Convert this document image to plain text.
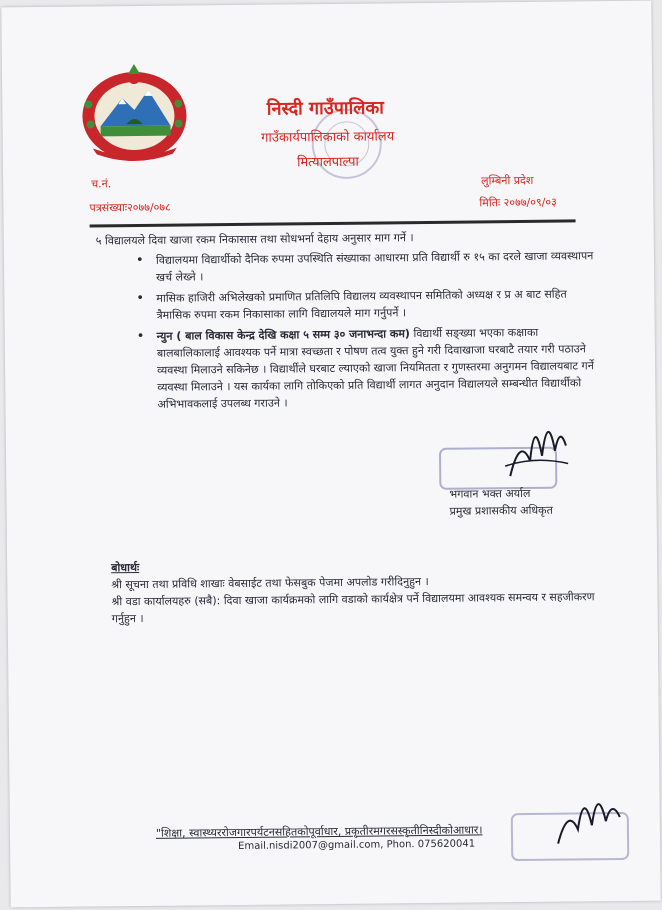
निस्दी गाउँपालिका
गाउँकार्यपालिकाको कार्यालय
मित्यालपाल्पा
च.नं.
पत्रसंख्याः२०७७/०७८
लुम्बिनी प्रदेश
मितिः २०७७/०९/०३

५ विद्यालयले दिवा खाजा रकम निकासास तथा सोधभर्ना देहाय अनुसार माग गर्ने ।

• विद्यालयमा विद्यार्थीको दैनिक रुपमा उपस्थिति संख्याका आधारमा प्रति विद्यार्थी रु १५ का दरले खाजा व्यवस्थापन खर्च लेख्ने ।
• मासिक हाजिरी अभिलेखको प्रमाणित प्रतिलिपि विद्यालय व्यवस्थापन समितिको अध्यक्ष र प्र अ बाट सहित त्रैमासिक रुपमा रकम निकासाका लागि विद्यालयले माग गर्नुपर्ने ।
• न्युन ( बाल विकास केन्द्र देखि कक्षा ५ सम्म ३० जनाभन्दा कम) विद्यार्थी सङ्ख्या भएका कक्षाका बालबालिकालाई आवश्यक पर्ने मात्रा स्वच्छता र पोषण तत्व युक्त हुने गरी दिवाखाजा घरबाटै तयार गरी पठाउने व्यवस्था मिलाउने सकिनेछ । विद्यार्थीले घरबाट ल्याएको खाजा नियमितता र गुणस्तरमा अनुगमन विद्यालयबाट गर्ने व्यवस्था मिलाउने । यस कार्यका लागि तोकिएको प्रति विद्यार्थी लागत अनुदान विद्यालयले सम्बन्धीत विद्यार्थीको अभिभावकलाई उपलब्ध गराउने ।
भगवान भक्त अर्याल
प्रमुख प्रशासकीय अधिकृत
बोधार्थः
श्री सूचना तथा प्रविधि शाखाः वेबसाईट तथा फेसबुक पेजमा अपलोड गरीदिनुहुन ।
श्री वडा कार्यालयहरु (सबै): दिवा खाजा कार्यक्रमको लागि वडाको कार्यक्षेत्र पर्ने विद्यालयमा आवश्यक समन्वय र सहजीकरण गर्नुहुन ।
"शिक्षा, स्वास्थ्यररोजगारपर्यटनसहितकोपूर्वाधार, प्रकृतीरमगरसस्कृतीनिस्दीकोआधार।
Email.nisdi2007@gmail.com, Phon. 075620041
